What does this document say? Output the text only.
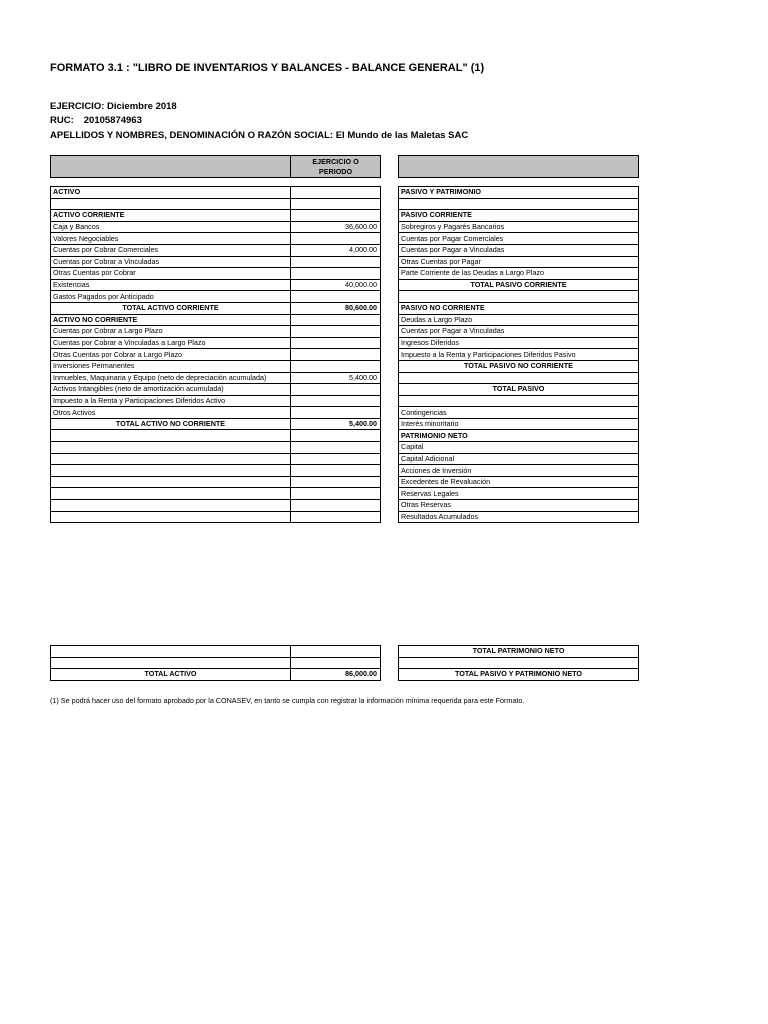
FORMATO 3.1 : "LIBRO DE INVENTARIOS Y BALANCES - BALANCE GENERAL" (1)
EJERCICIO: Diciembre 2018
RUC: 20105874963
APELLIDOS Y NOMBRES, DENOMINACIÓN O RAZÓN SOCIAL: El Mundo de las Maletas SAC

EJERCICIO O
PERIODO
ACTIVO	

ACTIVO CORRIENTE	
Caja y Bancos	36,600.00
Valores Negociables	
Cuentas por Cobrar Comerciales	4,000.00
Cuentas por Cobrar a Vinculadas	
Otras Cuentas por Cobrar	
Existencias	40,000.00
Gastos Pagados por Anticipado	
TOTAL ACTIVO CORRIENTE	80,600.00
ACTIVO NO CORRIENTE	
Cuentas por Cobrar a Largo Plazo	
Cuentas por Cobrar a Vinculadas a Largo Plazo	
Otras Cuentas por Cobrar a Largo Plazo	
Inversiones Permanentes	
Inmuebles, Maquinaria y Equipo (neto de depreciación acumulada)	5,400.00
Activos Intangibles (neto de amortización acumulada)	
Impuesto a la Renta y Participaciones Diferidos Activo	
Otros Activos	
TOTAL ACTIVO NO CORRIENTE	5,400.00

PASIVO Y PATRIMONIO

PASIVO CORRIENTE
Sobregiros y Pagarés Bancarios
Cuentas por Pagar Comerciales
Cuentas por Pagar a Vinculadas
Otras Cuentas por Pagar
Parte Corriente de las Deudas a Largo Plazo
TOTAL PASIVO CORRIENTE

PASIVO NO CORRIENTE
Deudas a Largo Plazo
Cuentas por Pagar a Vinculadas
Ingresos Diferidos
Impuesto a la Renta y Participaciones Diferidos Pasivo
TOTAL PASIVO NO CORRIENTE

TOTAL PASIVO

Contingencias
Interés minoritario
PATRIMONIO NETO
Capital
Capital Adicional
Acciones de Inversión
Excedentes de Revaluación
Reservas Legales
Otras Reservas
Resultados Acumulados

TOTAL ACTIVO	86,000.00
TOTAL PATRIMONIO NETO

TOTAL PASIVO Y PATRIMONIO NETO
(1) Se podrá hacer uso del formato aprobado por la CONASEV, en tanto se cumpla con registrar la información mínima requerida para este Formato.
